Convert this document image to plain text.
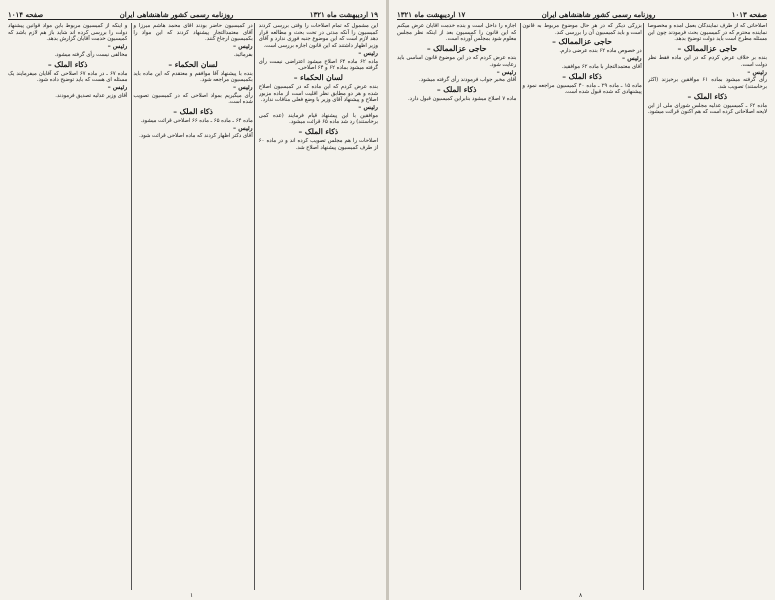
۱۹ اردیبهشت ماه ۱۳۲۱
روزنامه رسمی کشور شاهنشاهی ایران
صفحه ۱۰۱۴

این مشمول که تمام اصلاحات را وقتی بررسی کردند کمیسیون را آنکه مدتی در تحت بحث و مطالعه قرار دهد لازم است که این موضوع جنبه فوری ندارد و آقای وزیر اظهار داشتند که این قانون اجازه بررسی است.

رئیس –

ماده ۶۲ ماده ۶۴ اصلاح میشود اعتراضی نیست رأی گرفته میشود بماده ۶۲ و ۶۴ اصلاحی.

لسان الحکماء –

بنده عرض کردم که این ماده که در کمیسیون اصلاح شده و هر دو مطابق نظر اقلیت است از ماده مزبور اصلاح و پیشنهاد آقای وزیر با وضع فعلی منافات ندارد.

رئیس –

موافقین با این پیشنهاد قیام فرمایند (عده کمی برخاستند) رد شد ماده ۶۵ قرائت میشود.

ذکاء الملک –

اصلاحات را هم مجلس تصویب کرده اند و در ماده ۶۰ از طرف کمیسیون پیشنهاد اصلاح شد.

در کمیسیون حاضر بودند آقای محمد هاشم میرزا و آقای معتمدالتجار پیشنهاد کردند که این مواد را بکمیسیون ارجاع کنند.

رئیس –

بفرمائید.

لسان الحکماء –

بنده با پیشنهاد آقا موافقم و معتقدم که این ماده باید بکمیسیون مراجعه شود.

رئیس –

رأی میگیریم بمواد اصلاحی که در کمیسیون تصویب شده است.

ذکاء الملک –

ماده ۶۴ ـ ماده ۶۵ ـ ماده ۶۶ اصلاحی قرائت میشود.

رئیس –

آقای دکتر اظهار کردند که ماده اصلاحی قرائت شود.

و اینکه از کمیسیون مربوط باین مواد قوانین پیشنهاد دولت را بررسی کرده اند شاید باز هم لازم باشد که کمیسیون خدمت آقایان گزارش بدهد.

رئیس –

مخالفی نیست رأی گرفته میشود.

ذکاء الملک –

ماده ۶۷ ـ در ماده ۶۷ اصلاحی که آقایان میفرمایند یک مسئله ای هست که باید توضیح داده شود.

رئیس –

آقای وزیر عدلیه تصدیق فرمودند.

۱
صفحه ۱۰۱۳
روزنامه رسمی کشور شاهنشاهی ایران
۱۷ اردیبهشت ماه ۱۳۲۱

اصلاحاتی که از طرف نمایندگان بعمل آمده و مخصوصاً نماینده محترم که در کمیسیون بحث فرمودند چون این مسئله مطرح است باید دولت توضیح بدهد.

حاجی عزالممالک –

بنده بر خلاف عرض کردم که در این ماده فقط نظر دولت است.

رئیس –

رأی گرفته میشود بماده ۶۱ موافقین برخیزند (اکثر برخاستند) تصویب شد.

ذکاء الملک –

ماده ۶۲ ـ کمیسیون عدلیه مجلس شورای ملی از این لایحه اصلاحاتی کرده است که هم اکنون قرائت میشود.

بزرگی دیگر که در هر حال موضوع مربوط به قانون است و باید کمیسیون آن را بررسی کند.

حاجی عزالممالک –

در خصوص ماده ۶۲ بنده عرضی دارم.

رئیس –

آقای معتمدالتجار با ماده ۶۲ موافقید.

ذکاء الملک –

ماده ۱۵ ـ ماده ۲۹ ـ ماده ۴۰ کمیسیون مراجعه نمود و پیشنهادی که شده قبول شده است.

اجازه را داخل است و بنده خدمت آقایان عرض میکنم که این قانون را کمیسیون بعد از اینکه نظر مجلس معلوم شود بمجلس آورده است.

حاجی عزالممالک –

بنده عرض کردم که در این موضوع قانون اساسی باید رعایت شود.

رئیس –

آقای مخبر جواب فرمودند رأی گرفته میشود.

ذکاء الملک –

ماده ۷ اصلاح میشود بنابراین کمیسیون قبول دارد.

۸
